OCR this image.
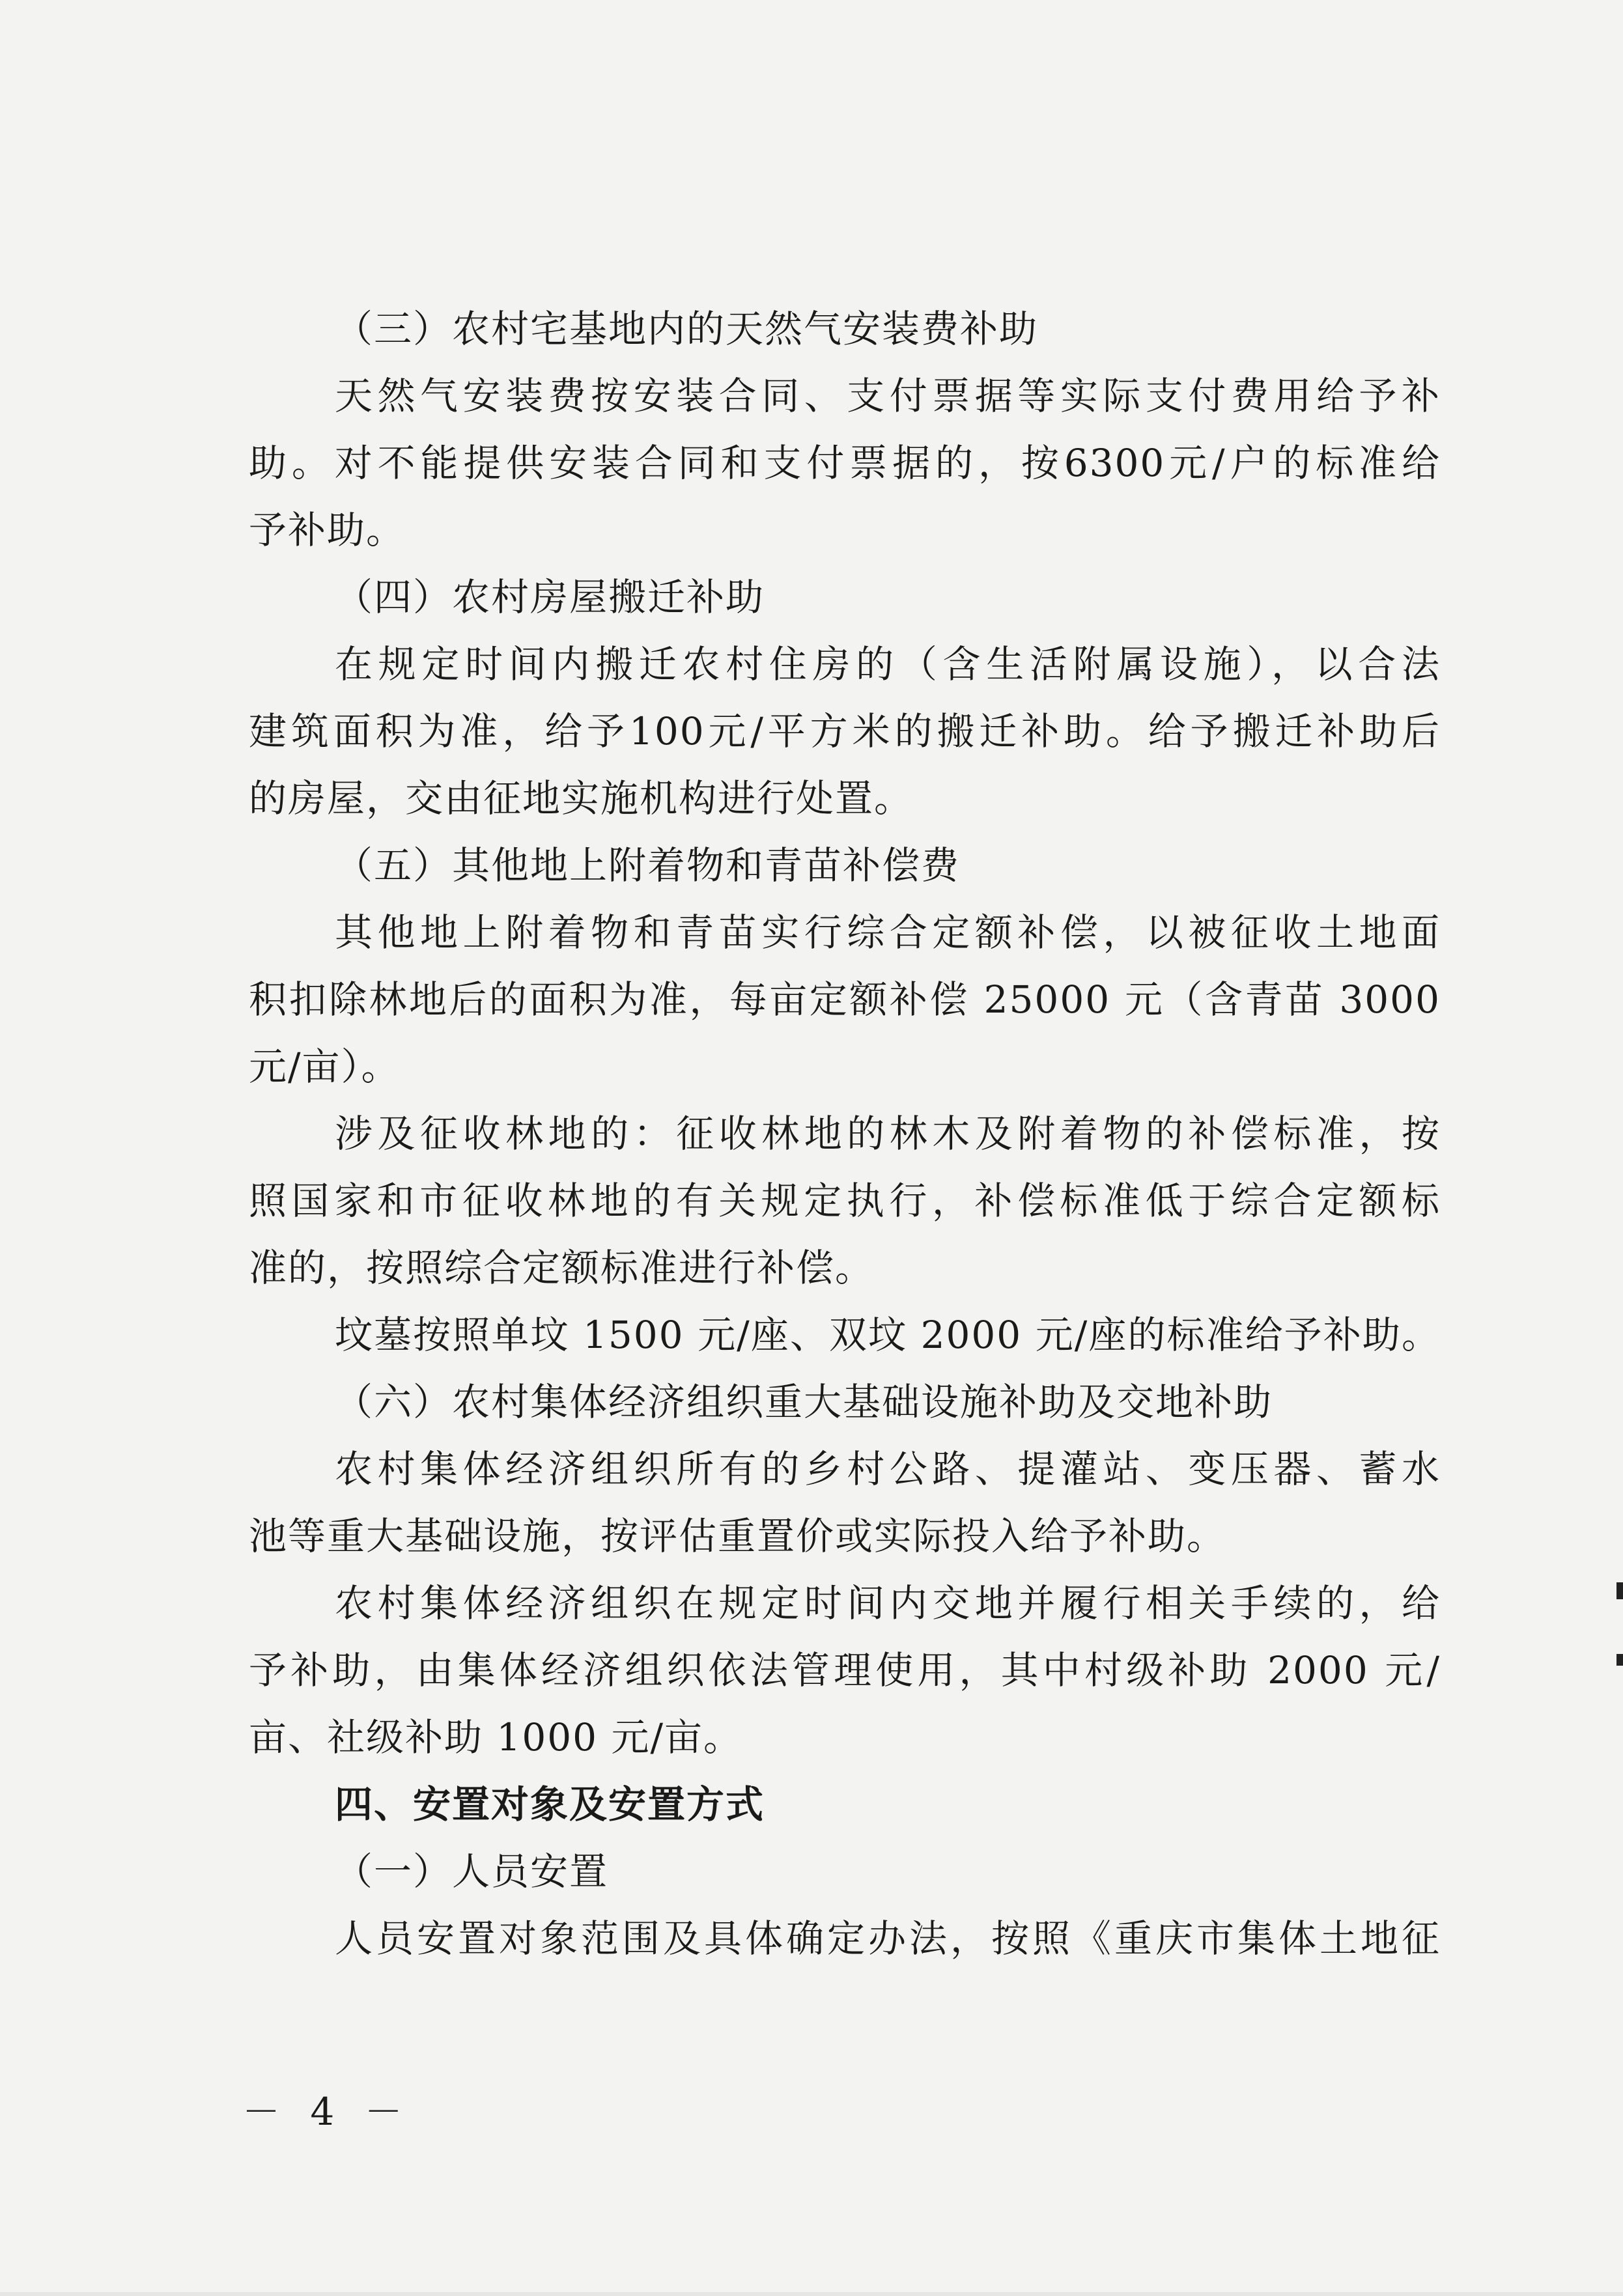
（三）农村宅基地内的天然气安装费补助
天然气安装费按安装合同、支付票据等实际支付费用给予补
助。对不能提供安装合同和支付票据的，按6300元/户的标准给
予补助。
（四）农村房屋搬迁补助
在规定时间内搬迁农村住房的（含生活附属设施），以合法
建筑面积为准，给予100元/平方米的搬迁补助。给予搬迁补助后
的房屋，交由征地实施机构进行处置。
（五）其他地上附着物和青苗补偿费
其他地上附着物和青苗实行综合定额补偿，以被征收土地面
积扣除林地后的面积为准，每亩定额补偿 25000 元（含青苗 3000
元/亩）。
涉及征收林地的：征收林地的林木及附着物的补偿标准，按
照国家和市征收林地的有关规定执行，补偿标准低于综合定额标
准的，按照综合定额标准进行补偿。
坟墓按照单坟 1500 元/座、双坟 2000 元/座的标准给予补助。
（六）农村集体经济组织重大基础设施补助及交地补助
农村集体经济组织所有的乡村公路、提灌站、变压器、蓄水
池等重大基础设施，按评估重置价或实际投入给予补助。
农村集体经济组织在规定时间内交地并履行相关手续的，给
予补助，由集体经济组织依法管理使用，其中村级补助 2000 元/
亩、社级补助 1000 元/亩。
四、安置对象及安置方式
（一）人员安置
人员安置对象范围及具体确定办法，按照《重庆市集体土地征
－ 4 －
